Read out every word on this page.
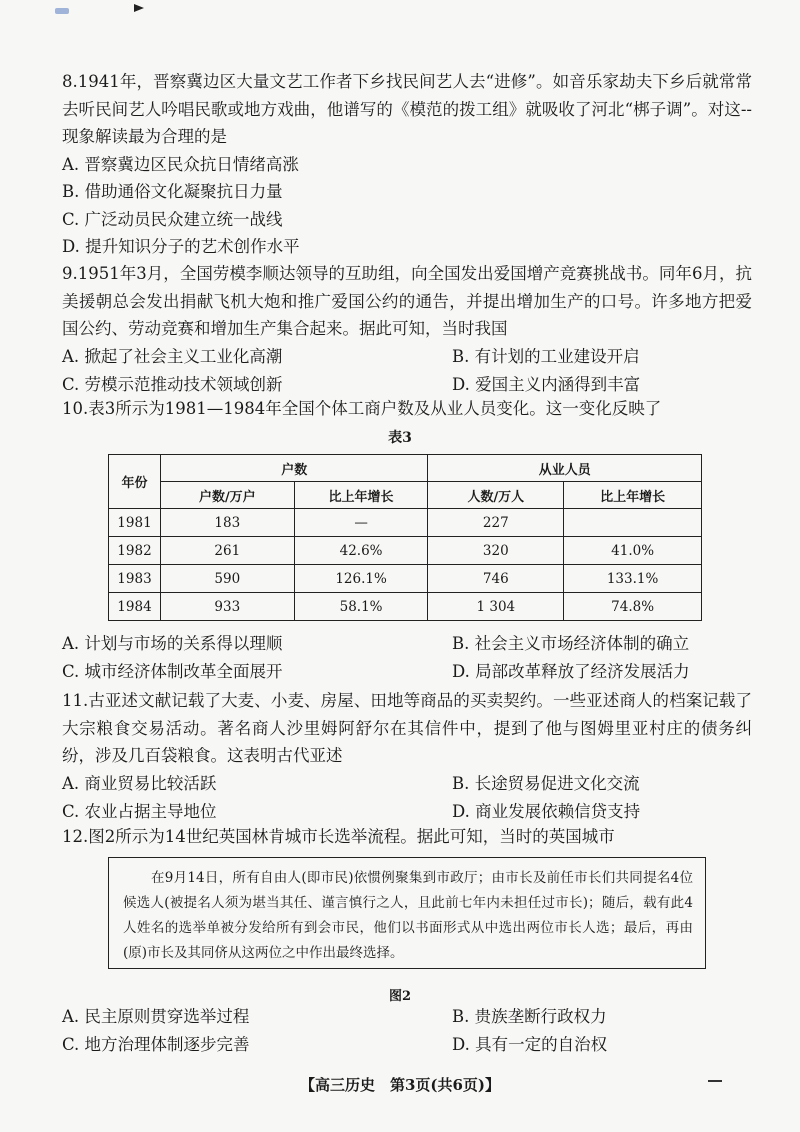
8.1941年，晋察冀边区大量文艺工作者下乡找民间艺人去“进修”。如音乐家劫夫下乡后就常常去听民间艺人吟唱民歌或地方戏曲，他谱写的《模范的拨工组》就吸收了河北“梆子调”。对这--现象解读最为合理的是

A. 晋察冀边区民众抗日情绪高涨
B. 借助通俗文化凝聚抗日力量
C. 广泛动员民众建立统一战线
D. 提升知识分子的艺术创作水平

9.1951年3月，全国劳模李顺达领导的互助组，向全国发出爱国增产竞赛挑战书。同年6月，抗美援朝总会发出捐献飞机大炮和推广爱国公约的通告，并提出增加生产的口号。许多地方把爱国公约、劳动竞赛和增加生产集合起来。据此可知，当时我国

A. 掀起了社会主义工业化高潮	B. 有计划的工业建设开启
C. 劳模示范推动技术领域创新	D. 爱国主义内涵得到丰富

10.表3所示为1981—1984年全国个体工商户数及从业人员变化。这一变化反映了

表3
年份	户数		从业人员	
	户数/万户	比上年增长	人数/万人	比上年增长
1981	183	—	227	
1982	261	42.6%	320	41.0%
1983	590	126.1%	746	133.1%
1984	933	58.1%	1 304	74.8%
A. 计划与市场的关系得以理顺	B. 社会主义市场经济体制的确立
C. 城市经济体制改革全面展开	D. 局部改革释放了经济发展活力

11.古亚述文献记载了大麦、小麦、房屋、田地等商品的买卖契约。一些亚述商人的档案记载了大宗粮食交易活动。著名商人沙里姆阿舒尔在其信件中，提到了他与图姆里亚村庄的债务纠纷，涉及几百袋粮食。这表明古代亚述

A. 商业贸易比较活跃	B. 长途贸易促进文化交流
C. 农业占据主导地位	D. 商业发展依赖信贷支持

12.图2所示为14世纪英国林肯城市长选举流程。据此可知，当时的英国城市

在9月14日，所有自由人(即市民)依惯例聚集到市政厅；由市长及前任市长们共同提名4位候选人(被提名人须为堪当其任、谨言慎行之人，且此前七年内未担任过市长)；随后，载有此4人姓名的选举单被分发给所有到会市民，他们以书面形式从中选出两位市长人选；最后，再由(原)市长及其同侪从这两位之中作出最终选择。
图2
A. 民主原则贯穿选举过程	B. 贵族垄断行政权力
C. 地方治理体制逐步完善	D. 具有一定的自治权
【高三历史　第3页(共6页)】
